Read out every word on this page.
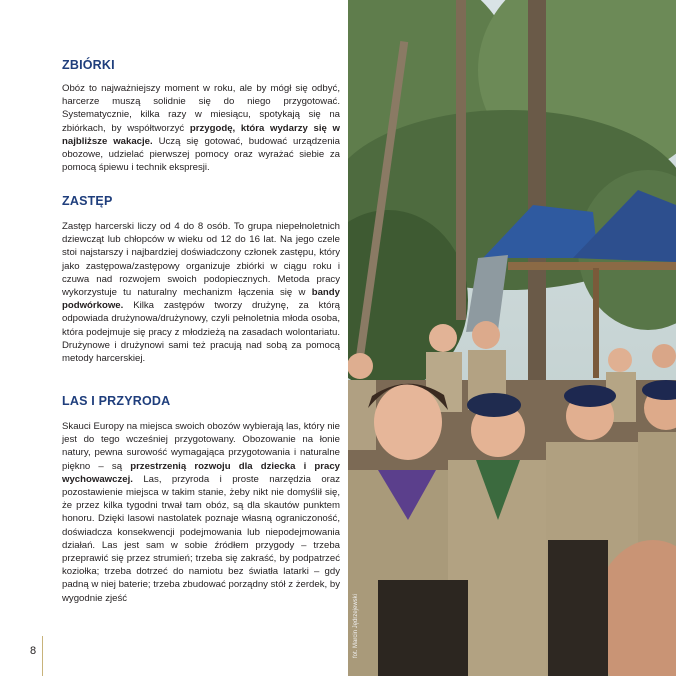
ZBIÓRKI

Obóz to najważniejszy moment w roku, ale by mógł się odbyć, harcerze muszą solidnie się do niego przygotować. Systematycznie, kilka razy w miesiącu, spotykają się na zbiórkach, by współtworzyć przygodę, która wydarzy się w najbliższe wakacje. Uczą się gotować, budować urządzenia obozowe, udzielać pierwszej pomocy oraz wyrażać siebie za pomocą śpiewu i technik ekspresji.

ZASTĘP

Zastęp harcerski liczy od 4 do 8 osób. To grupa niepełnoletnich dziewcząt lub chłopców w wieku od 12 do 16 lat. Na jego czele stoi najstarszy i najbardziej doświadczony członek zastępu, który jako zastępowa/zastępowy organizuje zbiórki w ciągu roku i czuwa nad rozwojem swoich podopiecznych. Metoda pracy wykorzystuje tu naturalny mechanizm łączenia się w bandy podwórkowe. Kilka zastępów tworzy drużynę, za którą odpowiada drużynowa/drużynowy, czyli pełnoletnia młoda osoba, która podejmuje się pracy z młodzieżą na zasadach wolontariatu. Drużynowe i drużynowi sami też pracują nad sobą za pomocą metody harcerskiej.

LAS I PRZYRODA

Skauci Europy na miejsca swoich obozów wybierają las, który nie jest do tego wcześniej przygotowany. Obozowanie na łonie natury, pewna surowość wymagająca przygotowania i naturalne piękno – są przestrzenią rozwoju dla dziecka i pracy wychowawczej. Las, przyroda i proste narzędzia oraz pozostawienie miejsca w takim stanie, żeby nikt nie domyślił się, że przez kilka tygodni trwał tam obóz, są dla skautów punktem honoru. Dzięki lasowi nastolatek poznaje własną ograniczoność, doświadcza konsekwencji podejmowania lub niepodejmowania działań. Las jest sam w sobie źródłem przygody – trzeba przeprawić się przez strumień; trzeba się zakraść, by podpatrzeć koziołka; trzeba dotrzeć do namiotu bez światła latarki – gdy padną w niej baterie; trzeba zbudować porządny stół z żerdek, by wygodnie zjeść

8	fot. Marcin Jędrzejewski
